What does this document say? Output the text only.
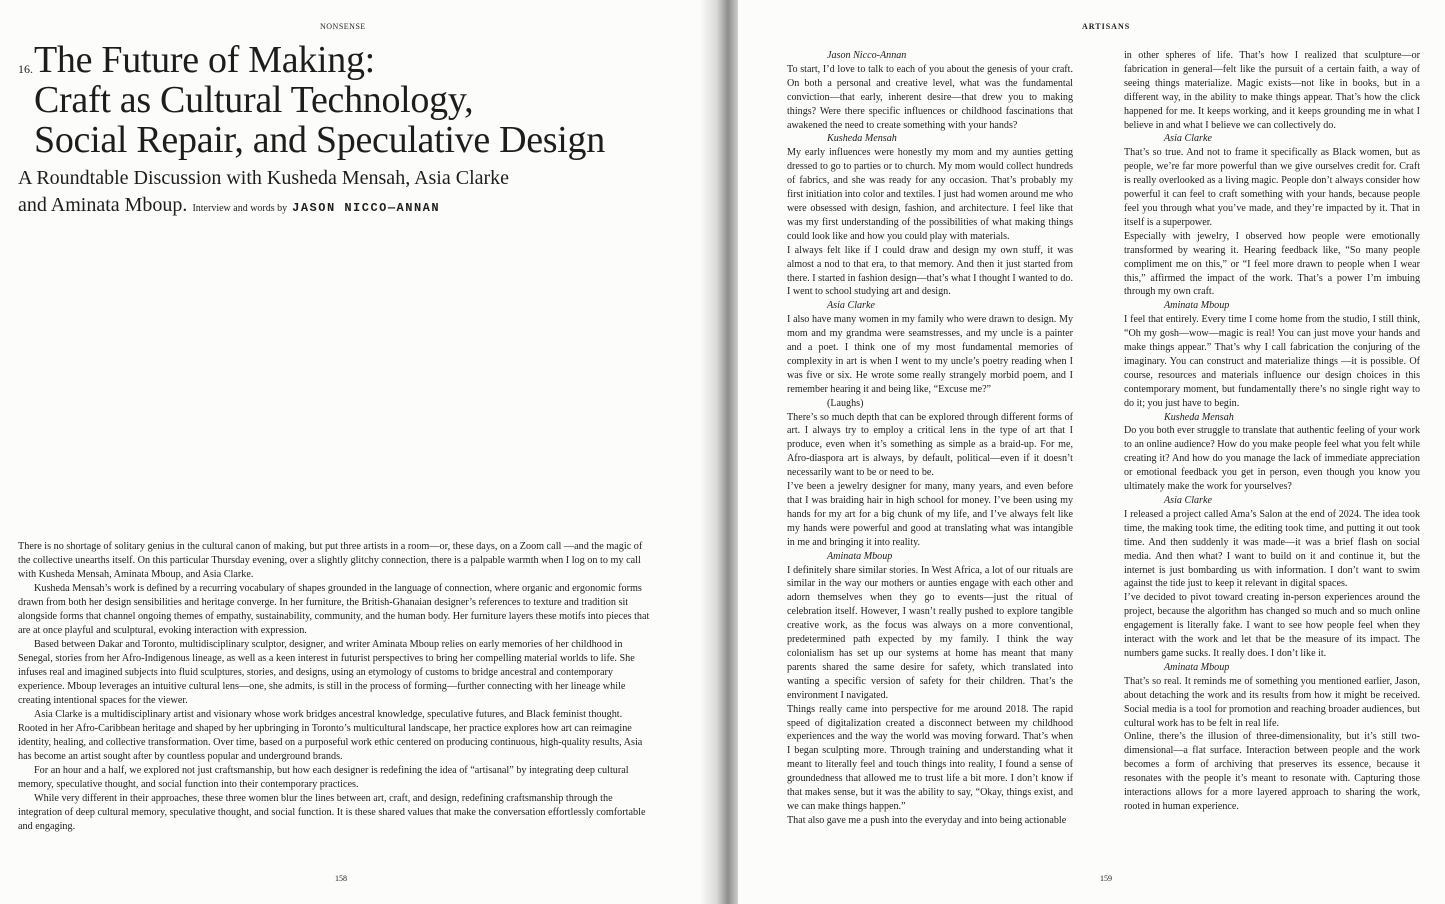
NONSENSE
16. The Future of Making:
Craft as Cultural Technology,
Social Repair, and Speculative Design
A Roundtable Discussion with Kusheda Mensah, Asia Clarke
and Aminata Mboup. Interview and words by JASON NICCO—ANNAN

There is no shortage of solitary genius in the cultural canon of making, but put three artists in a room—or, these days, on a Zoom call —and the magic of the collective unearths itself. On this particular Thursday evening, over a slightly glitchy connection, there is a palpable warmth when I log on to my call with Kusheda Mensah, Aminata Mboup, and Asia Clarke.

Kusheda Mensah’s work is defined by a recurring vocabulary of shapes grounded in the language of connection, where organic and ergonomic forms drawn from both her design sensibilities and heritage converge. In her furniture, the British-Ghanaian designer’s references to texture and tradition sit alongside forms that channel ongoing themes of empathy, sustainability, community, and the human body. Her furniture layers these motifs into pieces that are at once playful and sculptural, evoking interaction with expression.

Based between Dakar and Toronto, multidisciplinary sculptor, designer, and writer Aminata Mboup relies on early memories of her childhood in Senegal, stories from her Afro-Indigenous lineage, as well as a keen interest in futurist perspectives to bring her compelling material worlds to life. She infuses real and imagined subjects into fluid sculptures, stories, and designs, using an etymology of customs to bridge ancestral and contemporary experience. Mboup leverages an intuitive cultural lens—one, she admits, is still in the process of forming—further connecting with her lineage while creating intentional spaces for the viewer.

Asia Clarke is a multidisciplinary artist and visionary whose work bridges ancestral knowledge, speculative futures, and Black feminist thought. Rooted in her Afro-Caribbean heritage and shaped by her upbringing in Toronto’s multicultural landscape, her practice explores how art can reimagine identity, healing, and collective transformation. Over time, based on a purposeful work ethic centered on producing continuous, high-quality results, Asia has become an artist sought after by countless popular and underground brands.

For an hour and a half, we explored not just craftsmanship, but how each designer is redefining the idea of “artisanal” by integrating deep cultural memory, speculative thought, and social function into their contemporary practices.

While very different in their approaches, these three women blur the lines between art, craft, and design, redefining craftsmanship through the integration of deep cultural memory, speculative thought, and social function. It is these shared values that make the conversation effortlessly comfortable and engaging.

158
ARTISANS

Jason Nicco-Annan

To start, I’d love to talk to each of you about the genesis of your craft. On both a personal and creative level, what was the fundamental conviction—that early, inherent desire—that drew you to making things? Were there specific influences or childhood fascinations that awakened the need to create something with your hands?

Kusheda Mensah

My early influences were honestly my mom and my aunties getting dressed to go to parties or to church. My mom would collect hundreds of fabrics, and she was ready for any occasion. That’s probably my first initiation into color and textiles. I just had women around me who were obsessed with design, fashion, and architecture. I feel like that was my first understanding of the possibilities of what making things could look like and how you could play with materials.

I always felt like if I could draw and design my own stuff, it was almost a nod to that era, to that memory. And then it just started from there. I started in fashion design—that’s what I thought I wanted to do. I went to school studying art and design.

Asia Clarke

I also have many women in my family who were drawn to design. My mom and my grandma were seamstresses, and my uncle is a painter and a poet. I think one of my most fundamental memories of complexity in art is when I went to my uncle’s poetry reading when I was five or six. He wrote some really strangely morbid poem, and I remember hearing it and being like, “Excuse me?”

(Laughs)

There’s so much depth that can be explored through different forms of art. I always try to employ a critical lens in the type of art that I produce, even when it’s something as simple as a braid-up. For me, Afro-diaspora art is always, by default, political—even if it doesn’t necessarily want to be or need to be.

I’ve been a jewelry designer for many, many years, and even before that I was braiding hair in high school for money. I’ve been using my hands for my art for a big chunk of my life, and I’ve always felt like my hands were powerful and good at translating what was intangible in me and bringing it into reality.

Aminata Mboup

I definitely share similar stories. In West Africa, a lot of our rituals are similar in the way our mothers or aunties engage with each other and adorn themselves when they go to events—just the ritual of celebration itself. However, I wasn’t really pushed to explore tangible creative work, as the focus was always on a more conventional, predetermined path expected by my family. I think the way colonialism has set up our systems at home has meant that many parents shared the same desire for safety, which translated into wanting a specific version of safety for their children. That’s the environment I navigated.

Things really came into perspective for me around 2018. The rapid speed of digitalization created a disconnect between my childhood experiences and the way the world was moving forward. That’s when I began sculpting more. Through training and understanding what it meant to literally feel and touch things into reality, I found a sense of groundedness that allowed me to trust life a bit more. I don’t know if that makes sense, but it was the ability to say, “Okay, things exist, and we can make things happen.”

That also gave me a push into the everyday and into being actionable

in other spheres of life. That’s how I realized that sculpture—or fabrication in general—felt like the pursuit of a certain faith, a way of seeing things materialize. Magic exists—not like in books, but in a different way, in the ability to make things appear. That’s how the click happened for me. It keeps working, and it keeps grounding me in what I believe in and what I believe we can collectively do.

Asia Clarke

That’s so true. And not to frame it specifically as Black women, but as people, we’re far more powerful than we give ourselves credit for. Craft is really overlooked as a living magic. People don’t always consider how powerful it can feel to craft something with your hands, because people feel you through what you’ve made, and they’re impacted by it. That in itself is a superpower.

Especially with jewelry, I observed how people were emotionally transformed by wearing it. Hearing feedback like, “So many people compliment me on this,” or “I feel more drawn to people when I wear this,” affirmed the impact of the work. That’s a power I’m imbuing through my own craft.

Aminata Mboup

I feel that entirely. Every time I come home from the studio, I still think, “Oh my gosh—wow—magic is real! You can just move your hands and make things appear.” That’s why I call fabrication the conjuring of the imaginary. You can construct and materialize things —it is possible. Of course, resources and materials influence our design choices in this contemporary moment, but fundamentally there’s no single right way to do it; you just have to begin.

Kusheda Mensah

Do you both ever struggle to translate that authentic feeling of your work to an online audience? How do you make people feel what you felt while creating it? And how do you manage the lack of immediate appreciation or emotional feedback you get in person, even though you know you ultimately make the work for yourselves?

Asia Clarke

I released a project called Ama’s Salon at the end of 2024. The idea took time, the making took time, the editing took time, and putting it out took time. And then suddenly it was made—it was a brief flash on social media. And then what? I want to build on it and continue it, but the internet is just bombarding us with information. I don’t want to swim against the tide just to keep it relevant in digital spaces.

I’ve decided to pivot toward creating in-person experiences around the project, because the algorithm has changed so much and so much online engagement is literally fake. I want to see how people feel when they interact with the work and let that be the measure of its impact. The numbers game sucks. It really does. I don’t like it.

Aminata Mboup

That’s so real. It reminds me of something you mentioned earlier, Jason, about detaching the work and its results from how it might be received. Social media is a tool for promotion and reaching broader audiences, but cultural work has to be felt in real life.

Online, there’s the illusion of three-dimensionality, but it’s still two-dimensional—a flat surface. Interaction between people and the work becomes a form of archiving that preserves its essence, because it resonates with the people it’s meant to resonate with. Capturing those interactions allows for a more layered approach to sharing the work, rooted in human experience.

159
